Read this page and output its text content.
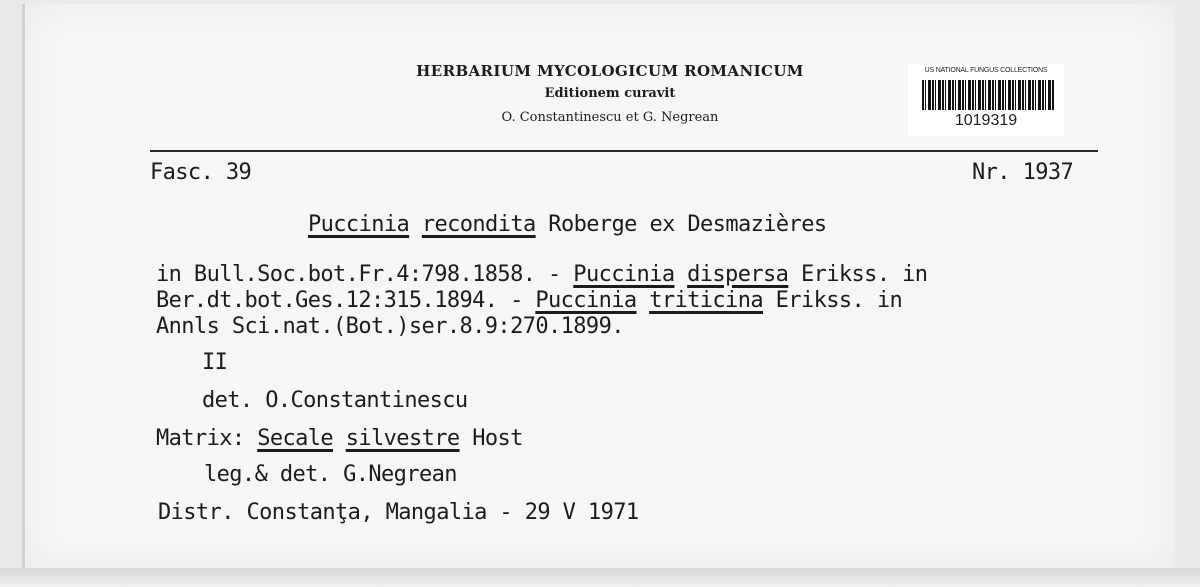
HERBARIUM MYCOLOGICUM ROMANICUM
Editionem curavit
O. Constantinescu et G. Negrean
US NATIONAL FUNGUS COLLECTIONS
1019319
Fasc. 39	Nr. 1937
Puccinia recondita Roberge ex Desmazières
in Bull.Soc.bot.Fr.4:798.1858. - Puccinia dispersa Erikss. in
Ber.dt.bot.Ges.12:315.1894. - Puccinia triticina Erikss. in
Annls Sci.nat.(Bot.)ser.8.9:270.1899.
II
det. O.Constantinescu
Matrix: Secale silvestre Host
leg.& det. G.Negrean
Distr. Constanţa, Mangalia - 29 V 1971
